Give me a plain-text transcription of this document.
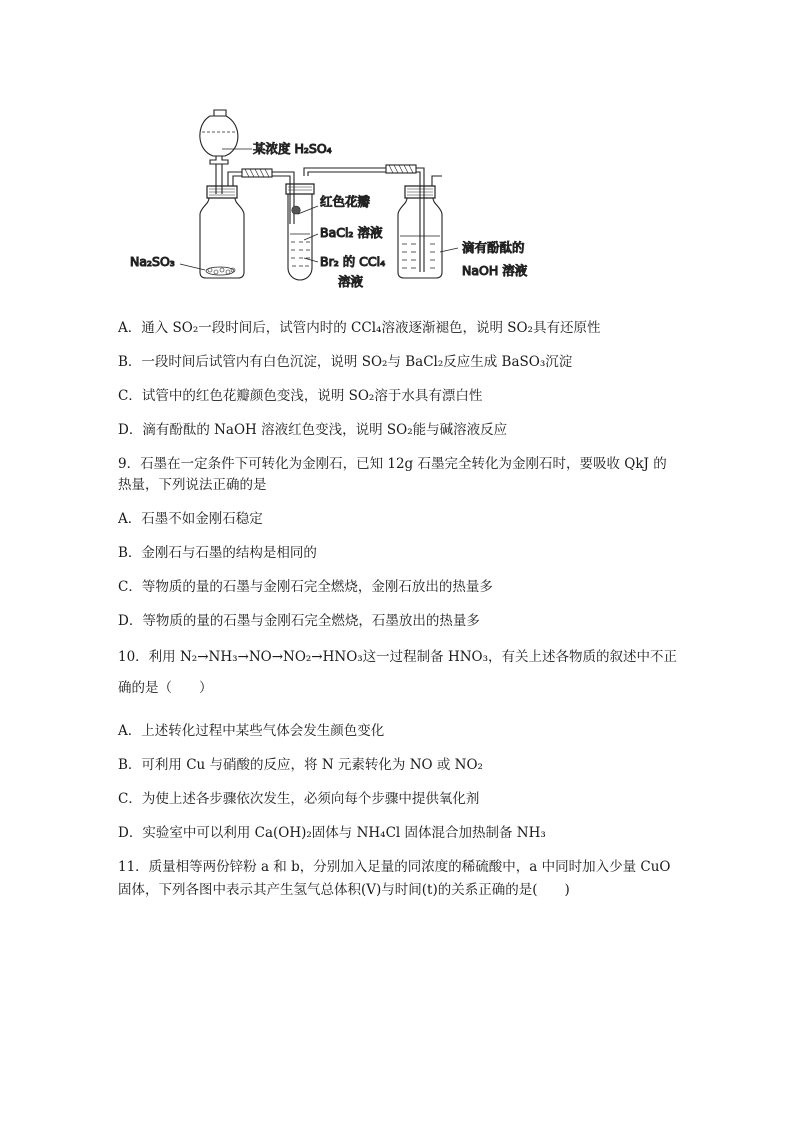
某浓度 H₂SO₄
Na₂SO₃
红色花瓣
BaCl₂ 溶液
Br₂ 的 CCl₄
溶液
滴有酚酞的
NaOH 溶液
A．通入 SO₂一段时间后，试管内时的 CCl₄溶液逐渐褪色，说明 SO₂具有还原性
B．一段时间后试管内有白色沉淀，说明 SO₂与 BaCl₂反应生成 BaSO₃沉淀
C．试管中的红色花瓣颜色变浅，说明 SO₂溶于水具有漂白性
D．滴有酚酞的 NaOH 溶液红色变浅，说明 SO₂能与碱溶液反应
9．石墨在一定条件下可转化为金刚石，已知 12g 石墨完全转化为金刚石时，要吸收 QkJ 的
热量，下列说法正确的是
A．石墨不如金刚石稳定
B．金刚石与石墨的结构是相同的
C．等物质的量的石墨与金刚石完全燃烧，金刚石放出的热量多
D．等物质的量的石墨与金刚石完全燃烧，石墨放出的热量多
10．利用 N₂→NH₃→NO→NO₂→HNO₃这一过程制备 HNO₃，有关上述各物质的叙述中不正
确的是（　　）
A．上述转化过程中某些气体会发生颜色变化
B．可利用 Cu 与硝酸的反应，将 N 元素转化为 NO 或 NO₂
C．为使上述各步骤依次发生，必须向每个步骤中提供氧化剂
D．实验室中可以利用 Ca(OH)₂固体与 NH₄Cl 固体混合加热制备 NH₃
11．质量相等两份锌粉 a 和 b，分别加入足量的同浓度的稀硫酸中，a 中同时加入少量 CuO
固体，下列各图中表示其产生氢气总体积(V)与时间(t)的关系正确的是(　　)
